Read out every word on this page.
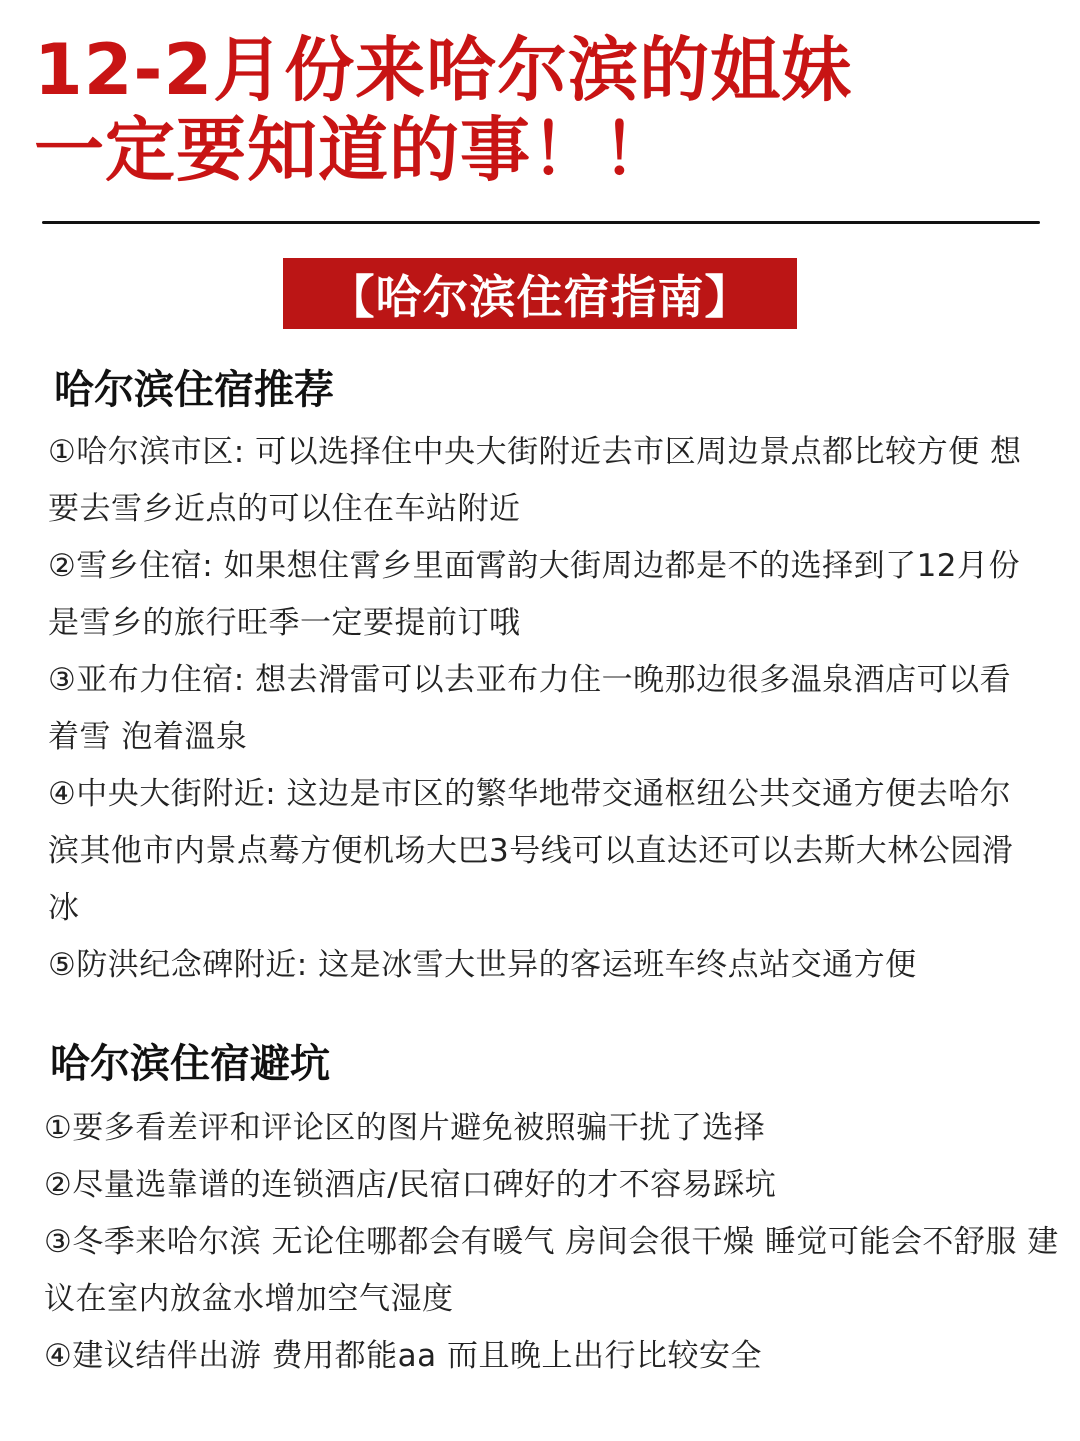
12-2月份来哈尔滨的姐妹
一定要知道的事！！
【哈尔滨住宿指南】
哈尔滨住宿推荐
①哈尔滨市区: 可以选择住中央大街附近去市区周边景点都比较方便 想要去雪乡近点的可以住在车站附近
②雪乡住宿: 如果想住霄乡里面霄韵大街周边都是不的选择到了12月份是雪乡的旅行旺季一定要提前订哦
③亚布力住宿: 想去滑雷可以去亚布力住一晚那边很多温泉酒店可以看着雪 泡着溫泉
④中央大街附近: 这边是市区的繁华地带交通枢纽公共交通方便去哈尔滨其他市内景点蓦方便机场大巴3号线可以直达还可以去斯大林公园滑冰
⑤防洪纪念碑附近: 这是冰雪大世异的客运班车终点站交通方便
哈尔滨住宿避坑
①要多看差评和评论区的图片避免被照骗干扰了选择
②尽量选靠谱的连锁酒店/民宿口碑好的才不容易踩坑
③冬季来哈尔滨 无论住哪都会有暖气 房间会很干燥 睡觉可能会不舒服 建议在室内放盆水增加空气湿度
④建议结伴出游 费用都能aa 而且晚上出行比较安全
